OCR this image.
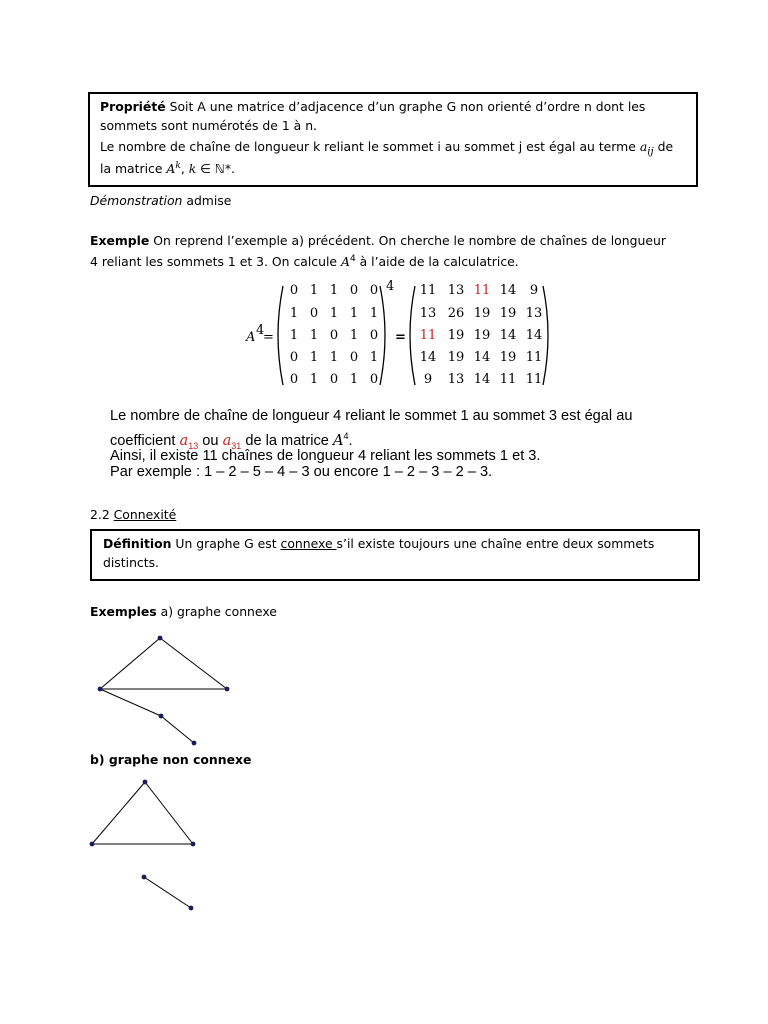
Propriété Soit A une matrice d’adjacence d’un graphe G non orienté d’ordre n dont les
sommets sont numérotés de 1 à n.
Le nombre de chaîne de longueur k reliant le sommet i au sommet j est égal au terme $a_{ij}$ de
la matrice $A^k$, k ∈ ℕ*.
Démonstration admise
Exemple On reprend l’exemple a) précédent. On cherche le nombre de chaînes de longueur
4 reliant les sommets 1 et 3. On calcule $A^4$ à l’aide de la calculatrice.
A 4
=
4
=
0 1 1 0 0
1 0 1 1 1
1 1 0 1 0
0 1 1 0 1
0 1 0 1 0
11 13 11 14 9
13 26 19 19 13
11 19 19 14 14
14 19 14 19 11
9 13 14 11 11
Le nombre de chaîne de longueur 4 reliant le sommet 1 au sommet 3 est égal au
coefficient $a_{13}$ ou $a_{31}$ de la matrice $A^4$.
Ainsi, il existe 11 chaînes de longueur 4 reliant les sommets 1 et 3.
Par exemple : 1 – 2 – 5 – 4 – 3 ou encore 1 – 2 – 3 – 2 – 3.
2.2 Connexité
Définition Un graphe G est connexe s’il existe toujours une chaîne entre deux sommets
distincts.
Exemples a) graphe connexe
b) graphe non connexe
